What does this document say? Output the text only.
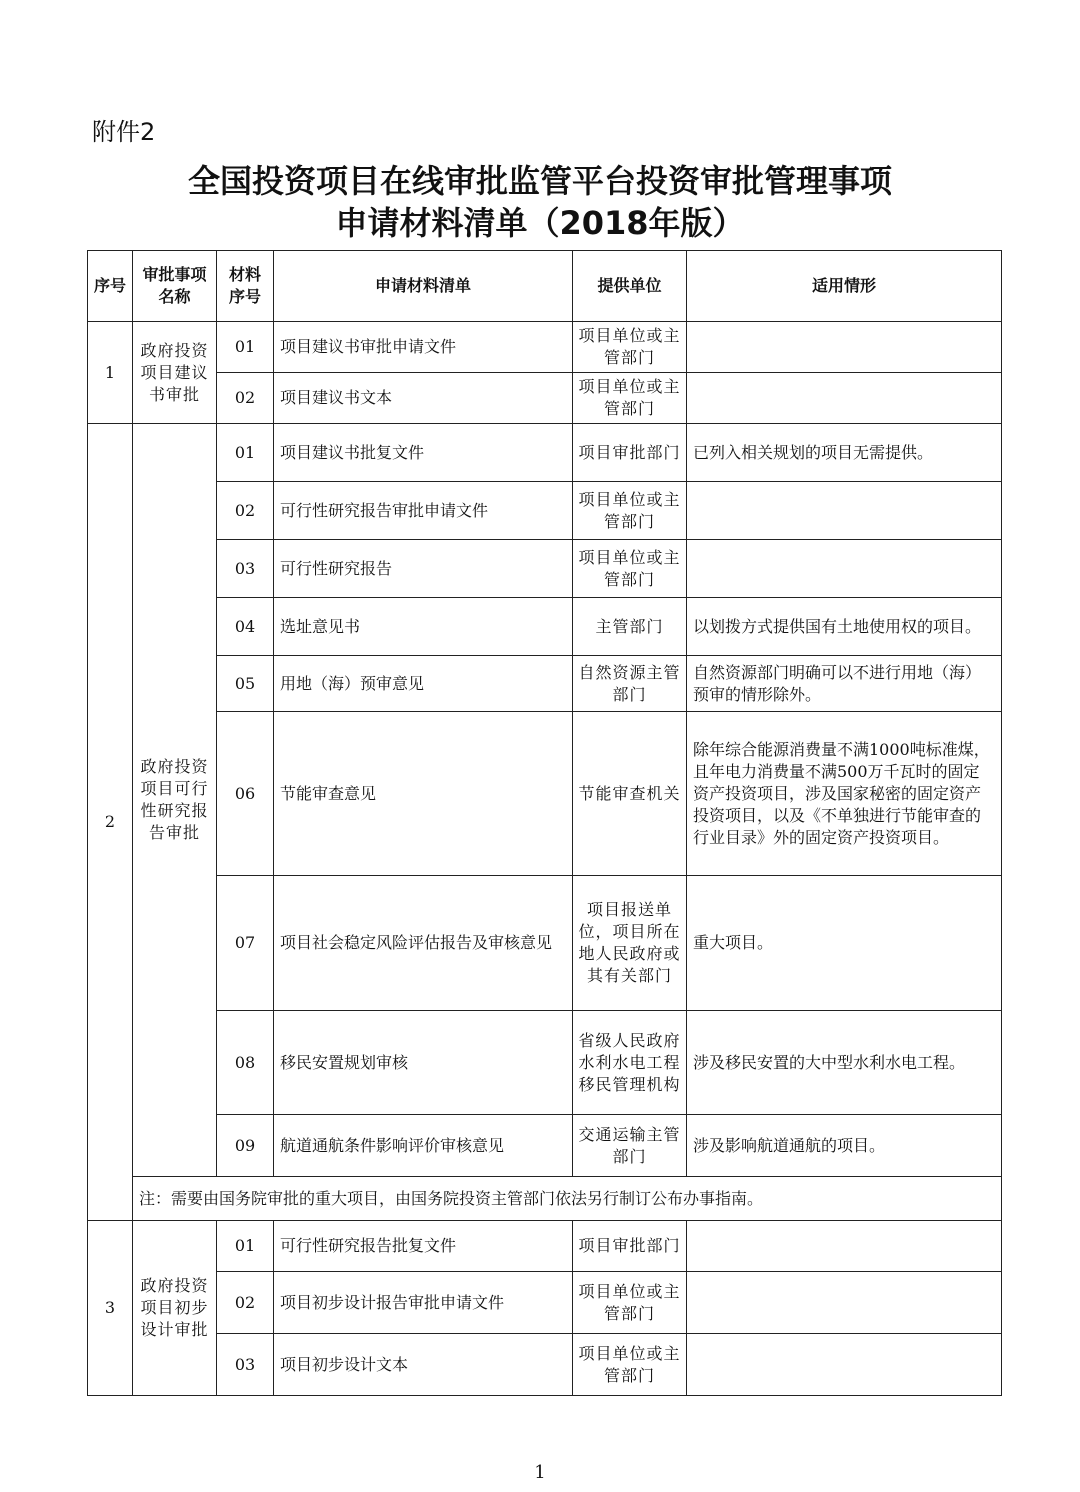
附件2
全国投资项目在线审批监管平台投资审批管理事项
申请材料清单（2018年版）
序号	审批事项名称	材料序号	申请材料清单	提供单位	适用情形
1	政府投资项目建议书审批	01	项目建议书审批申请文件	项目单位或主管部门	
		02	项目建议书文本	项目单位或主管部门	
2	政府投资项目可行性研究报告审批	01	项目建议书批复文件	项目审批部门	已列入相关规划的项目无需提供。
		02	可行性研究报告审批申请文件	项目单位或主管部门	
		03	可行性研究报告	项目单位或主管部门	
		04	选址意见书	主管部门	以划拨方式提供国有土地使用权的项目。
		05	用地（海）预审意见	自然资源主管部门	自然资源部门明确可以不进行用地（海）预审的情形除外。
		06	节能审查意见	节能审查机关	除年综合能源消费量不满1000吨标准煤，且年电力消费量不满500万千瓦时的固定资产投资项目，涉及国家秘密的固定资产投资项目，以及《不单独进行节能审查的行业目录》外的固定资产投资项目。
		07	项目社会稳定风险评估报告及审核意见	项目报送单位，项目所在地人民政府或其有关部门	重大项目。
		08	移民安置规划审核	省级人民政府水利水电工程移民管理机构	涉及移民安置的大中型水利水电工程。
		09	航道通航条件影响评价审核意见	交通运输主管部门	涉及影响航道通航的项目。
	注：需要由国务院审批的重大项目，由国务院投资主管部门依法另行制订公布办事指南。				
3	政府投资项目初步设计审批	01	可行性研究报告批复文件	项目审批部门	
		02	项目初步设计报告审批申请文件	项目单位或主管部门	
		03	项目初步设计文本	项目单位或主管部门	
1
